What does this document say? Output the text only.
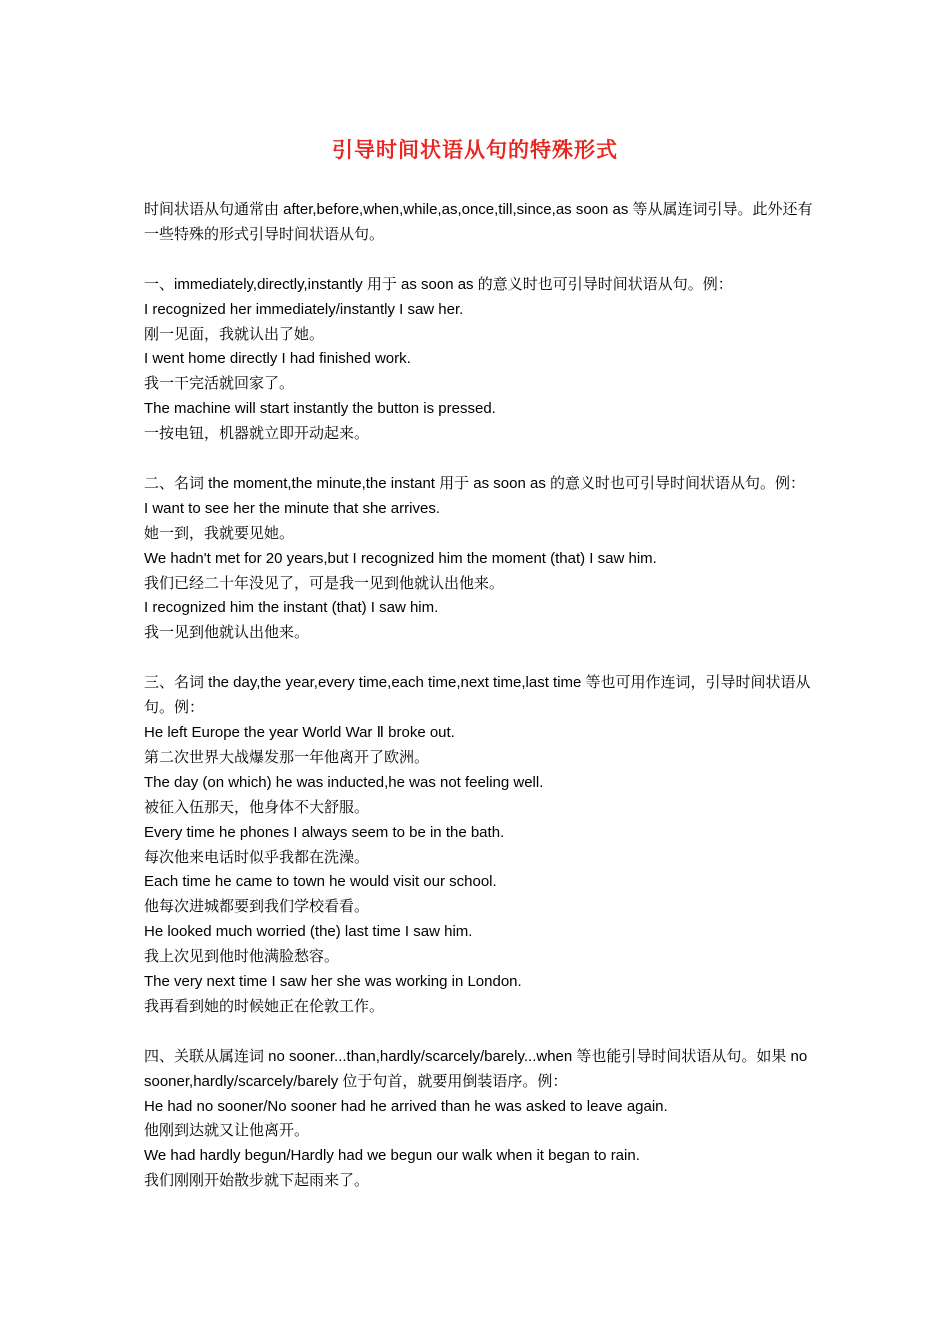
引导时间状语从句的特殊形式

时间状语从句通常由 after,before,when,while,as,once,till,since,as soon as 等从属连词引导。此外还有一些特殊的形式引导时间状语从句。

一、immediately,directly,instantly 用于 as soon as 的意义时也可引导时间状语从句。例：

I recognized her immediately/instantly I saw her.
刚一见面，我就认出了她。
I went home directly I had finished work.
我一干完活就回家了。
The machine will start instantly the button is pressed.
一按电钮，机器就立即开动起来。

二、名词 the moment,the minute,the instant 用于 as soon as 的意义时也可引导时间状语从句。例：

I want to see her the minute that she arrives.
她一到，我就要见她。
We hadn't met for 20 years,but I recognized him the moment (that) I saw him.
我们已经二十年没见了，可是我一见到他就认出他来。
I recognized him the instant (that) I saw him.
我一见到他就认出他来。

三、名词 the day,the year,every time,each time,next time,last time 等也可用作连词，引导时间状语从句。例：

He left Europe the year World War Ⅱ broke out.
第二次世界大战爆发那一年他离开了欧洲。
The day (on which) he was inducted,he was not feeling well.
被征入伍那天，他身体不大舒服。
Every time he phones I always seem to be in the bath.
每次他来电话时似乎我都在洗澡。
Each time he came to town he would visit our school.
他每次进城都要到我们学校看看。
He looked much worried (the) last time I saw him.
我上次见到他时他满脸愁容。
The very next time I saw her she was working in London.
我再看到她的时候她正在伦敦工作。

四、关联从属连词 no sooner...than,hardly/scarcely/barely...when 等也能引导时间状语从句。如果 no sooner,hardly/scarcely/barely 位于句首，就要用倒装语序。例：

He had no sooner/No sooner had he arrived than he was asked to leave again.
他刚到达就又让他离开。
We had hardly begun/Hardly had we begun our walk when it began to rain.
我们刚刚开始散步就下起雨来了。
